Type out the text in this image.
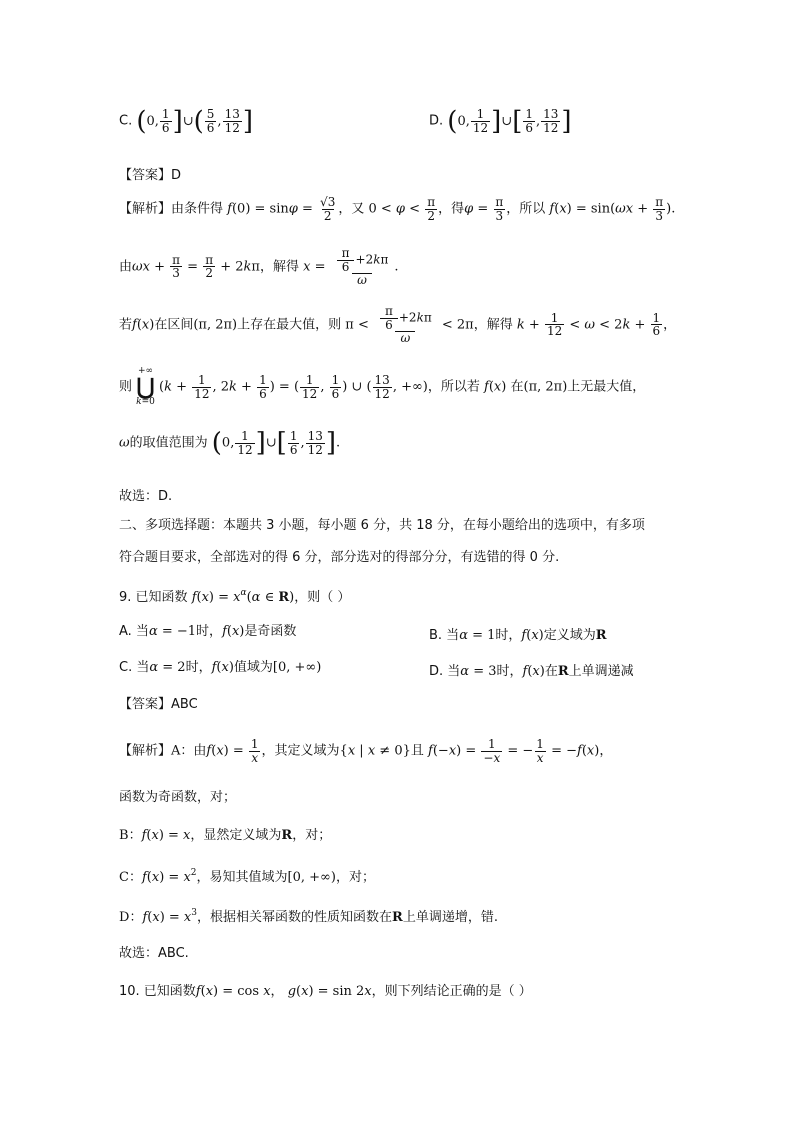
C. (0, $\frac{1}{6}$ ]∪( $\frac{5}{6}$ , $\frac{13}{12}$ ]	D. (0, $\frac{1}{12}$ ]∪[ $\frac{1}{6}$ , $\frac{13}{12}$ ]
【答案】D
【解析】由条件得 $f(0) = \sin\varphi = \frac{√3}{2}$ ，又 $0 < \varphi < \frac{\pi}{2}$ ，得$\varphi = \frac{\pi}{3}$ ，所以 $f(x) = \sin(\omega x + \frac{\pi}{3}$ ).
由$\omega x + \frac{\pi}{3} = \frac{\pi}{2} + 2k\pi$，解得 $x = \frac{\frac{\pi}{6} +2k\pi}{\omega}$ .
若f(x)在区间(π, 2π)上存在最大值，则 $\pi < \frac{\frac{\pi}{6} +2k\pi}{\omega} < 2\pi$，解得 $k + \frac{1}{12} < \omega < 2k + \frac{1}{6}$ ，
则
+∞
⋃
k=0
($k + \frac{1}{12}$ , $2k + \frac{1}{6}$ ) = ( $\frac{1}{12}$ , $\frac{1}{6}$ ) ∪ ( $\frac{13}{12}$ , +∞)，所以若 f(x) 在(π, 2π)上无最大值，
ω的取值范围为 (0, $\frac{1}{12}$ ]∪[ $\frac{1}{6}$ , $\frac{13}{12}$ ].
故选：D.
二、多项选择题：本题共 3 小题，每小题 6 分，共 18 分，在每小题给出的选项中，有多项
符合题目要求，全部选对的得 6 分，部分选对的得部分分，有选错的得 0 分.
9. 已知函数 $f(x) = x^\alpha(\alpha$ ∈ R)，则（ ）
A. 当α = −1时，f(x)是奇函数	B. 当α = 1时，f(x)定义域为R
C. 当α = 2时，f(x)值域为[0, +∞)	D. 当α = 3时，f(x)在R上单调递减
【答案】ABC
【解析】A：由$f(x) = \frac{1}{x}$ ，其定义域为{x | x ≠ 0}且 $f(-x) = \frac{1}{-x}$ = − $\frac{1}{x} = -f(x)$，
函数为奇函数，对；
B：f(x) = x，显然定义域为R，对；
C：$f(x) = x^2$，易知其值域为[0, +∞)，对；
D：$f(x) = x^3$，根据相关幂函数的性质知函数在R上单调递增，错.
故选：ABC.
10. 已知函数f(x) = cos x， g(x) = sin 2x，则下列结论正确的是（ ）
